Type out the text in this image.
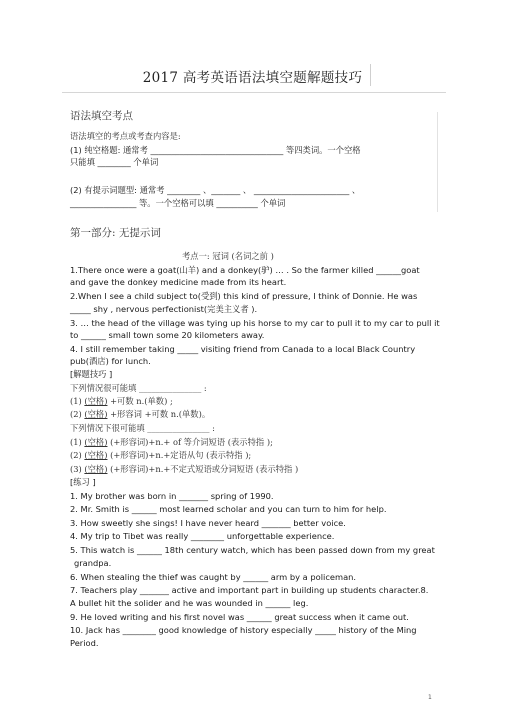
2017 高考英语语法填空题解题技巧
语法填空考点
语法填空的考点或考查内容是:
(1) 纯空格题: 通常考 ________________________________ 等四类词。一个空格
只能填 ________ 个单词
(2) 有提示词题型: 通常考 ________ 、_______ 、 _______________________ 、
________________ 等。一个空格可以填 __________ 个单词
第一部分: 无提示词
考点一: 冠词 (名词之前 )
[解题技巧 ]
下列情况很可能填 _______________ :
下列情况下很可能填 _______________ :
[练习 ]
1
1.There once were a goat(山羊) and a donkey(驴) … . So the farmer killed ______goat
and gave the donkey medicine made from its heart.
2.When I see a child subject to(受到) this kind of pressure, I think of Donnie. He was
_____ shy , nervous perfectionist(完美主义者 ).
3. … the head of the village was tying up his horse to my car to pull it to my car to pull it
to ______ small town some 20 kilometers away.
4. I still remember taking _____ visiting friend from Canada to a local Black Country
pub(酒店) for lunch.
(1) (空格) +可数 n.(单数) ;
(2) (空格) +形容词 +可数 n.(单数)。
(1) (空格) (+形容词)+n.+ of 等介词短语 (表示特指 );
(2) (空格) (+形容词)+n.+定语从句 (表示特指 );
(3) (空格) (+形容词)+n.+不定式短语或分词短语 (表示特指 )
1. My brother was born in _______ spring of 1990.
2. Mr. Smith is ______ most learned scholar and you can turn to him for help.
3. How sweetly she sings! I have never heard _______ better voice.
4. My trip to Tibet was really ________ unforgettable experience.
5. This watch is ______ 18th century watch, which has been passed down from my great
grandpa.
6. When stealing the thief was caught by ______ arm by a policeman.
7. Teachers play _______ active and important part in building up students character.8.
A bullet hit the solider and he was wounded in ______ leg.
9. He loved writing and his first novel was ______ great success when it came out.
10. Jack has ________ good knowledge of history especially _____ history of the Ming
Period.
